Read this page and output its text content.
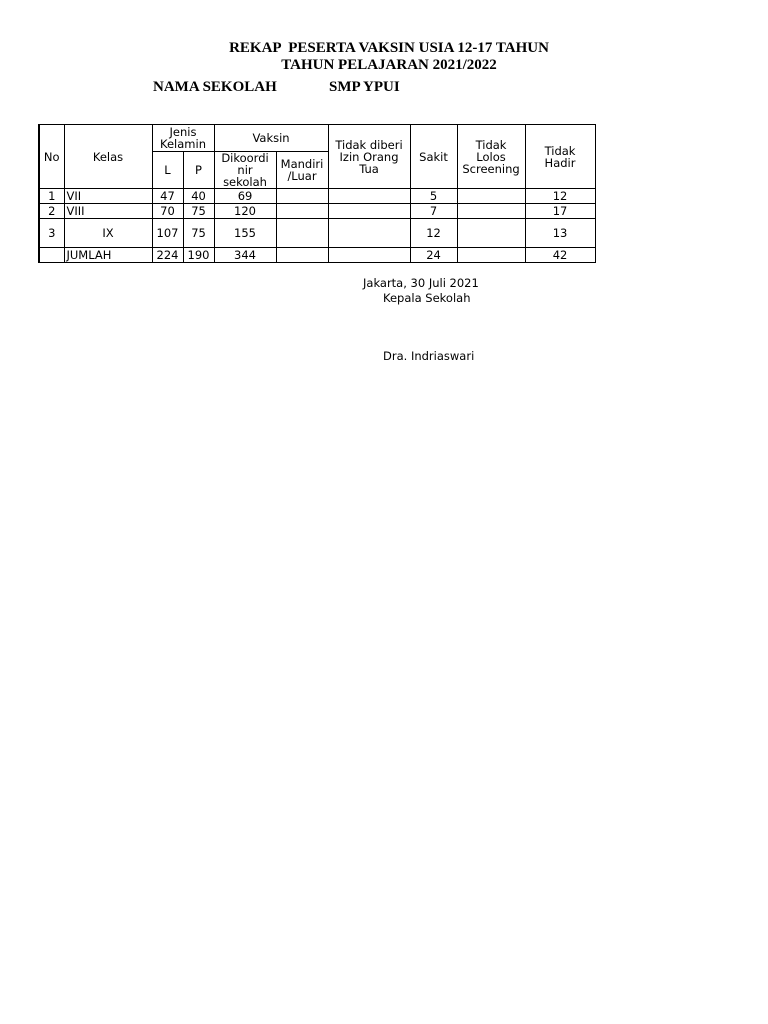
REKAP  PESERTA VAKSIN USIA 12-17 TAHUN
TAHUN PELAJARAN 2021/2022
NAMA SEKOLAH	SMP YPUI
No	Kelas	Jenis Kelamin		Vaksin		Tidak diberi Izin Orang Tua	Sakit	Tidak Lolos Screening	Tidak Hadir
		L	P	Dikoordi nir sekolah	Mandiri /Luar				
1	VII	47	40	69			5		12
2	VIII	70	75	120			7		17
3	IX	107	75	155			12		13
	JUMLAH	224	190	344			24		42
Jakarta, 30 Juli 2021
Kepala Sekolah
Dra. Indriaswari
